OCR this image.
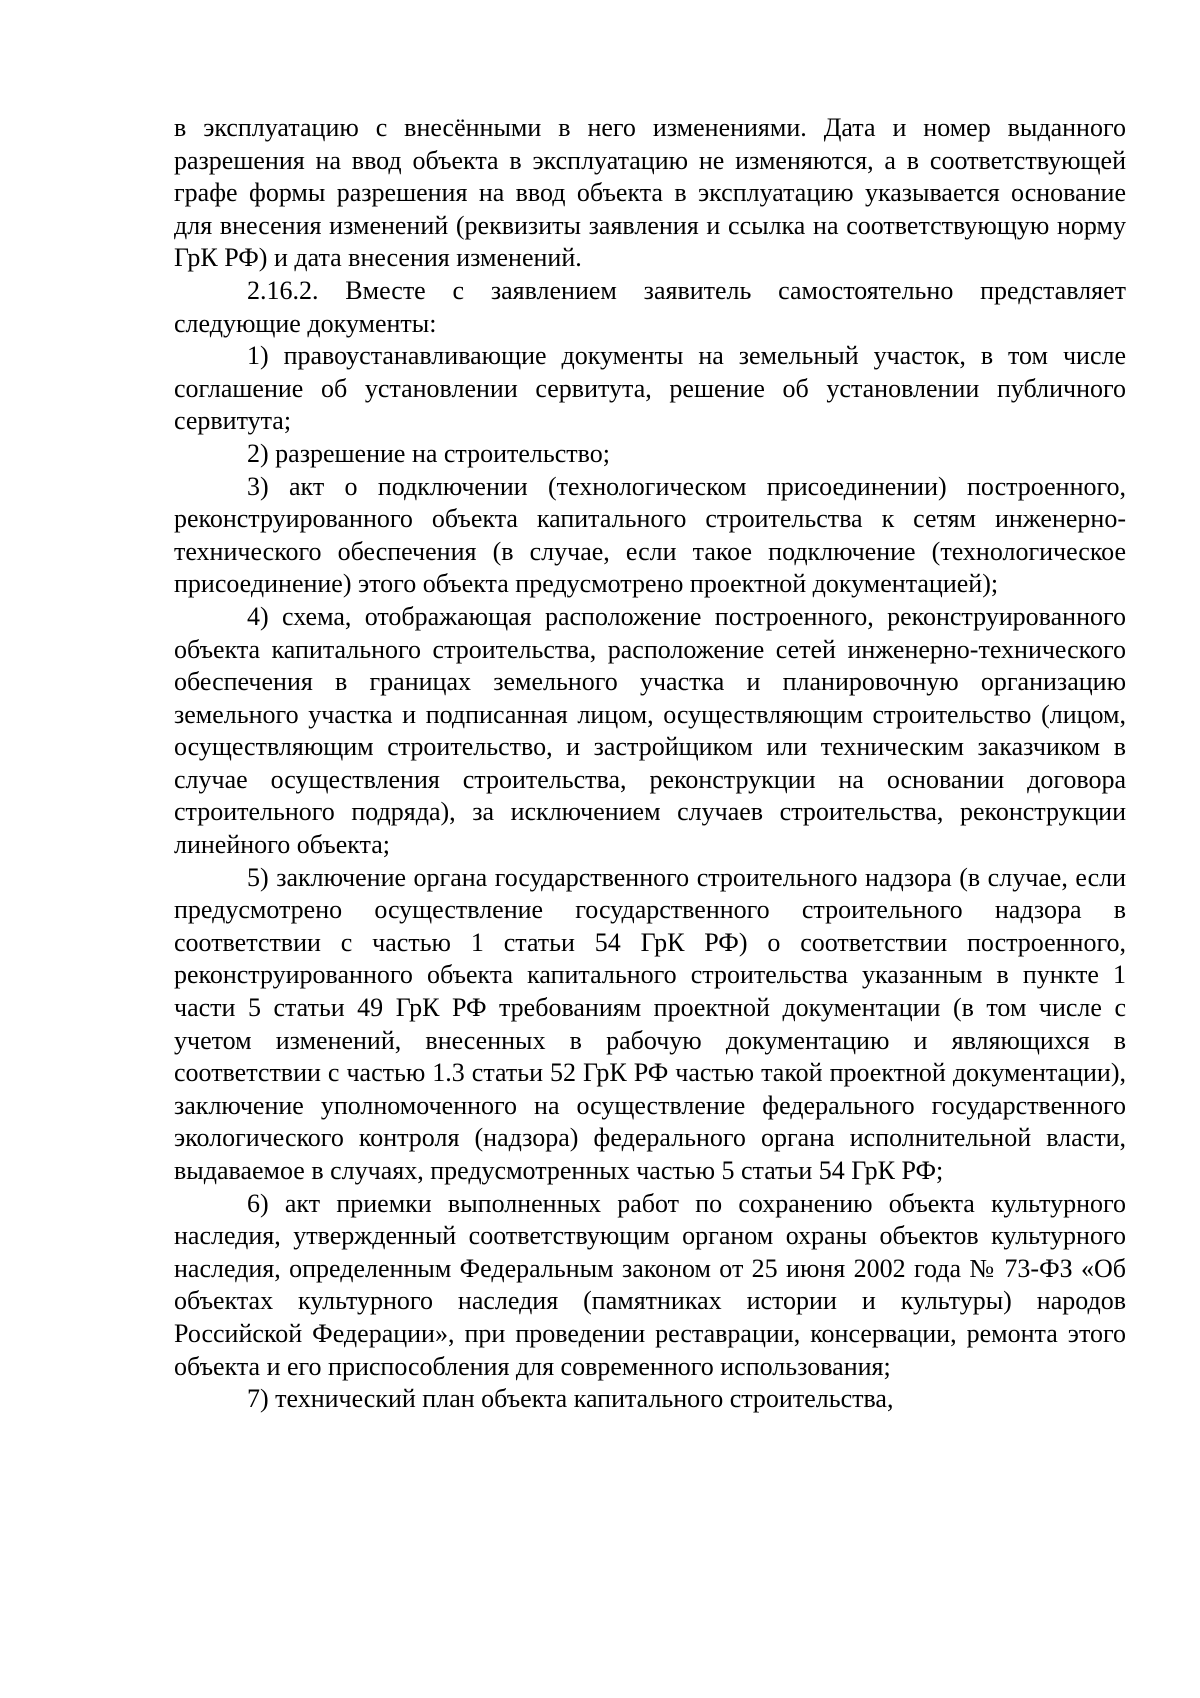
в эксплуатацию с внесёнными в него изменениями. Дата и номер выданного разрешения на ввод объекта в эксплуатацию не изменяются, а в соответствующей графе формы разрешения на ввод объекта в эксплуатацию указывается основание для внесения изменений (реквизиты заявления и ссылка на соответствующую норму ГрК РФ) и дата внесения изменений.

2.16.2. Вместе с заявлением заявитель самостоятельно представляет следующие документы:

1) правоустанавливающие документы на земельный участок, в том числе соглашение об установлении сервитута, решение об установлении публичного сервитута;

2) разрешение на строительство;

3) акт о подключении (технологическом присоединении) построенного, реконструированного объекта капитального строительства к сетям инженерно-технического обеспечения (в случае, если такое подключение (технологическое присоединение) этого объекта предусмотрено проектной документацией);

4) схема, отображающая расположение построенного, реконструированного объекта капитального строительства, расположение сетей инженерно-технического обеспечения в границах земельного участка и планировочную организацию земельного участка и подписанная лицом, осуществляющим строительство (лицом, осуществляющим строительство, и застройщиком или техническим заказчиком в случае осуществления строительства, реконструкции на основании договора строительного подряда), за исключением случаев строительства, реконструкции линейного объекта;

5) заключение органа государственного строительного надзора (в случае, если предусмотрено осуществление государственного строительного надзора в соответствии с частью 1 статьи 54 ГрК РФ) о соответствии построенного, реконструированного объекта капитального строительства указанным в пункте 1 части 5 статьи 49 ГрК РФ требованиям проектной документации (в том числе с учетом изменений, внесенных в рабочую документацию и являющихся в соответствии с частью 1.3 статьи 52 ГрК РФ частью такой проектной документации), заключение уполномоченного на осуществление федерального государственного экологического контроля (надзора) федерального органа исполнительной власти, выдаваемое в случаях, предусмотренных частью 5 статьи 54 ГрК РФ;

6) акт приемки выполненных работ по сохранению объекта культурного наследия, утвержденный соответствующим органом охраны объектов культурного наследия, определенным Федеральным законом от 25 июня 2002 года № 73-ФЗ «Об объектах культурного наследия (памятниках истории и культуры) народов Российской Федерации», при проведении реставрации, консервации, ремонта этого объекта и его приспособления для современного использования;

7) технический план объекта капитального строительства,
